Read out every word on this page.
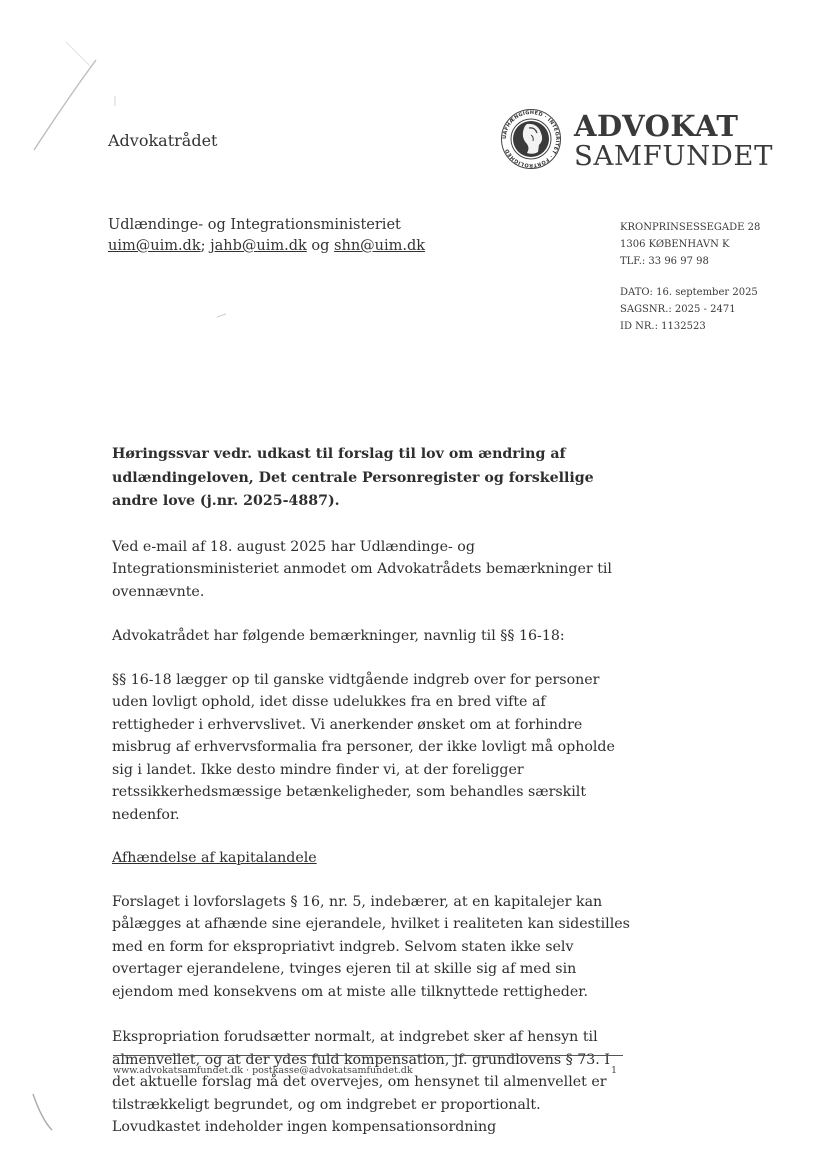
Advokatrådet	UAFHÆNGIGHED · INTEGRITET · FORTROLIGHED
ADVOKAT
SAMFUNDET
Udlændinge- og Integrationsministeriet
uim@uim.dk; jahb@uim.dk og shn@uim.dk
KRONPRINSESSEGADE 28
1306 KØBENHAVN K
TLF.: 33 96 97 98
DATO: 16. september 2025
SAGSNR.: 2025 - 2471
ID NR.: 1132523

Høringssvar vedr. udkast til forslag til lov om ændring af udlændingeloven, Det centrale Personregister og forskellige andre love (j.nr. 2025-4887).

Ved e-mail af 18. august 2025 har Udlændinge- og Integrationsministeriet anmodet om Advokatrådets bemærkninger til ovennævnte.

Advokatrådet har følgende bemærkninger, navnlig til §§ 16-18:

§§ 16-18 lægger op til ganske vidtgående indgreb over for personer uden lovligt ophold, idet disse udelukkes fra en bred vifte af rettigheder i erhvervslivet. Vi anerkender ønsket om at forhindre misbrug af erhvervsformalia fra personer, der ikke lovligt må opholde sig i landet. Ikke desto mindre finder vi, at der foreligger retssikkerhedsmæssige betænkeligheder, som behandles særskilt nedenfor.

Afhændelse af kapitalandele

Forslaget i lovforslagets § 16, nr. 5, indebærer, at en kapitalejer kan pålægges at afhænde sine ejerandele, hvilket i realiteten kan sidestilles med en form for ekspropriativt indgreb. Selvom staten ikke selv overtager ejerandelene, tvinges ejeren til at skille sig af med sin ejendom med konsekvens om at miste alle tilknyttede rettigheder.

Ekspropriation forudsætter normalt, at indgrebet sker af hensyn til almenvellet, og at der ydes fuld kompensation, jf. grundlovens § 73. I det aktuelle forslag må det overvejes, om hensynet til almenvellet er tilstrækkeligt begrundet, og om indgrebet er proportionalt. Lovudkastet indeholder ingen kompensationsordning

www.advokatsamfundet.dk · postkasse@advokatsamfundet.dk	1
